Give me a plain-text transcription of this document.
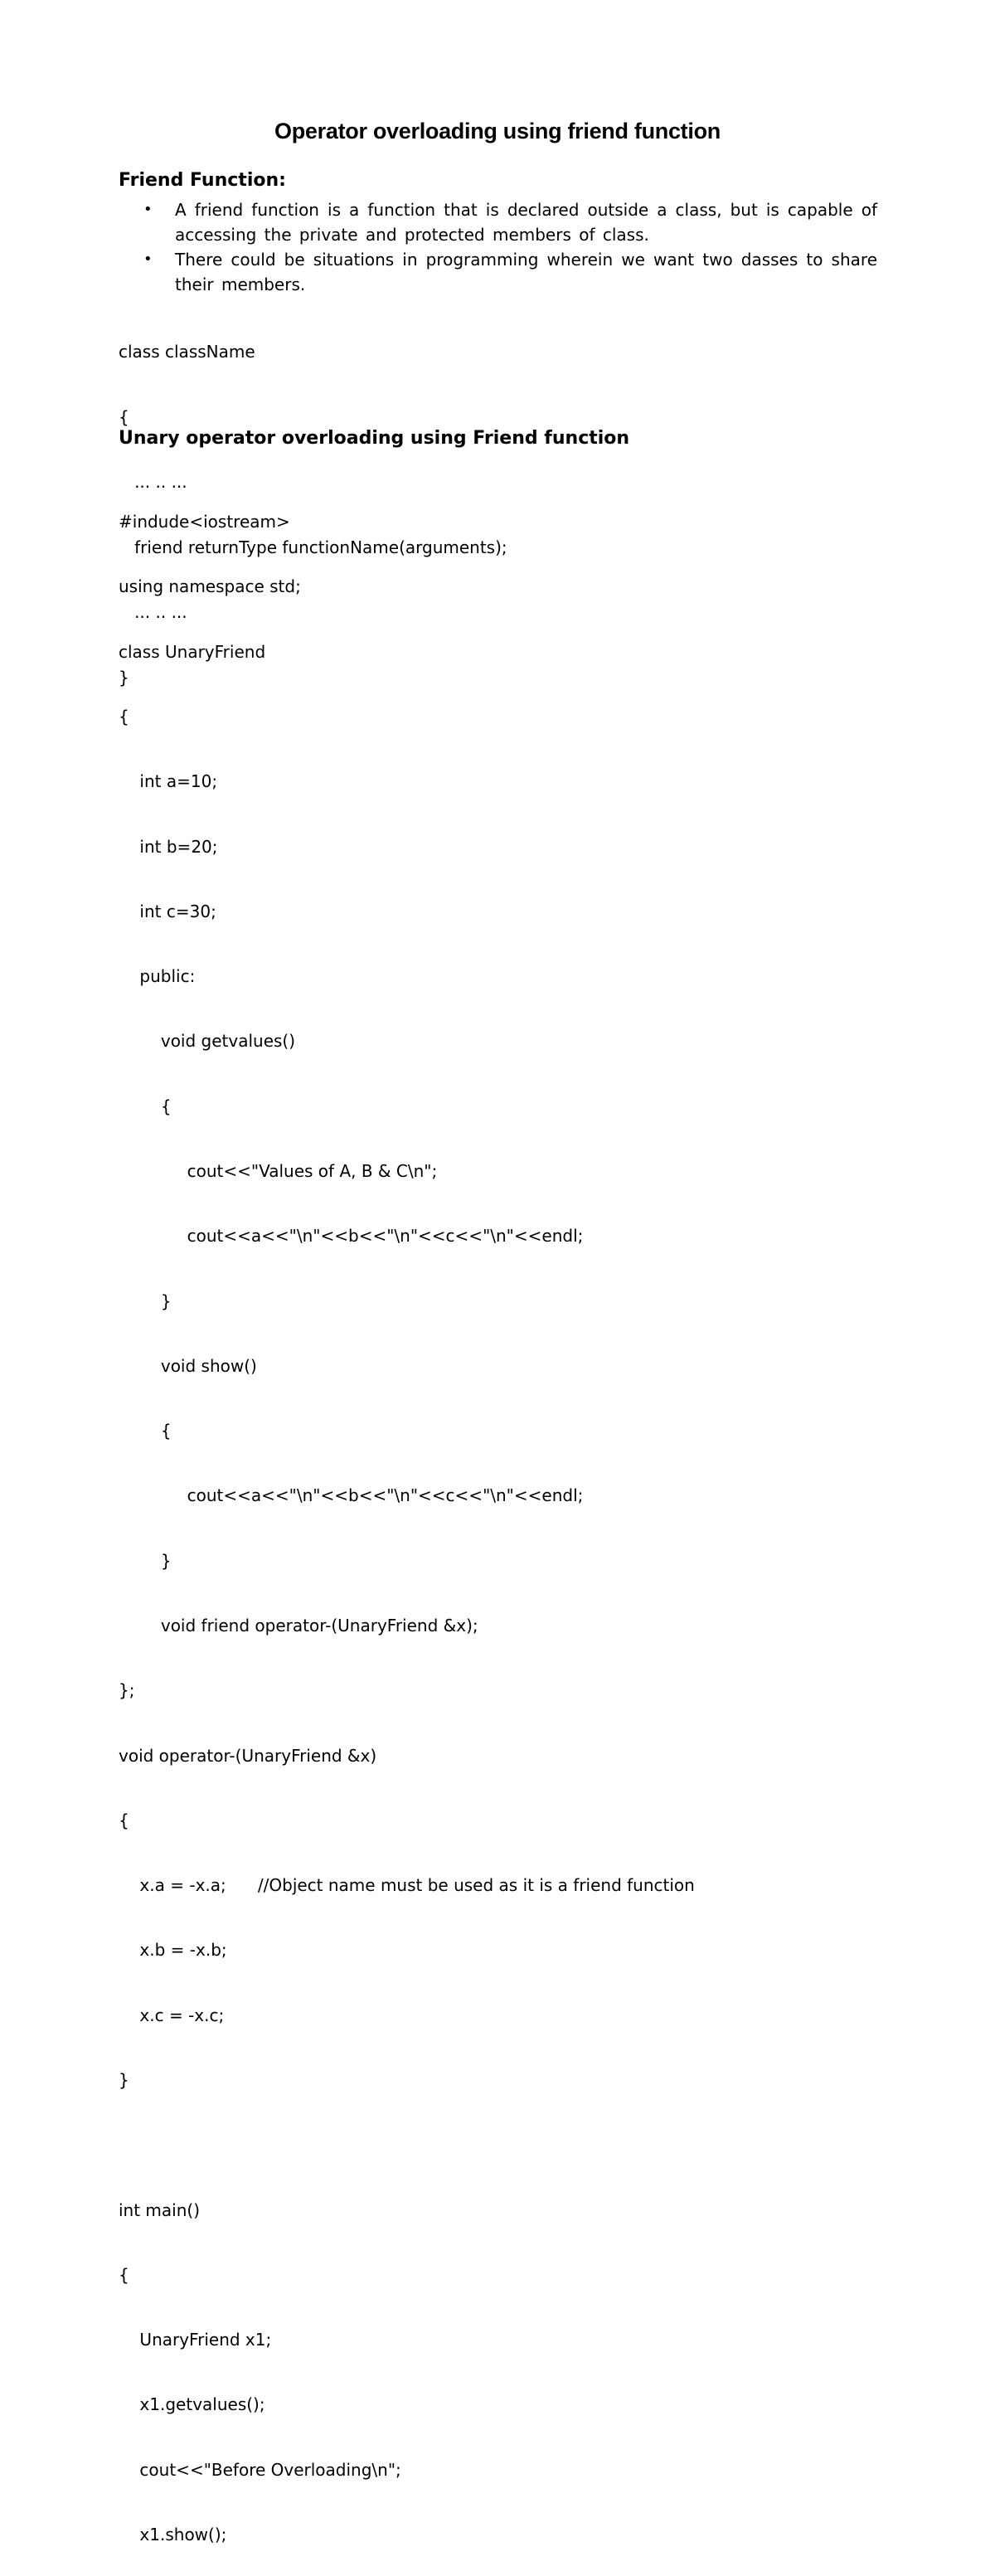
Operator overloading using friend function
Friend Function:
• A friend function is a function that is declared outside a class, but is capable of accessing the private and protected members of class.
• There could be situations in programming wherein we want two dasses to share their members.

class className

{

... .. ...

friend returnType functionName(arguments);

... .. ...

}

Unary operator overloading using Friend function

#indude<iostream>

using namespace std;

class UnaryFriend

{

int a=10;

int b=20;

int c=30;

public:

void getvalues()

{

cout<<"Values of A, B & C\n";

cout<<a<<"\n"<<b<<"\n"<<c<<"\n"<<endl;

}

void show()

{

cout<<a<<"\n"<<b<<"\n"<<c<<"\n"<<endl;

}

void friend operator-(UnaryFriend &x);

};

void operator-(UnaryFriend &x)

{

x.a = -x.a;      //Object name must be used as it is a friend function

x.b = -x.b;

x.c = -x.c;

}

int main()

{

UnaryFriend x1;

x1.getvalues();

cout<<"Before Overloading\n";

x1.show();
